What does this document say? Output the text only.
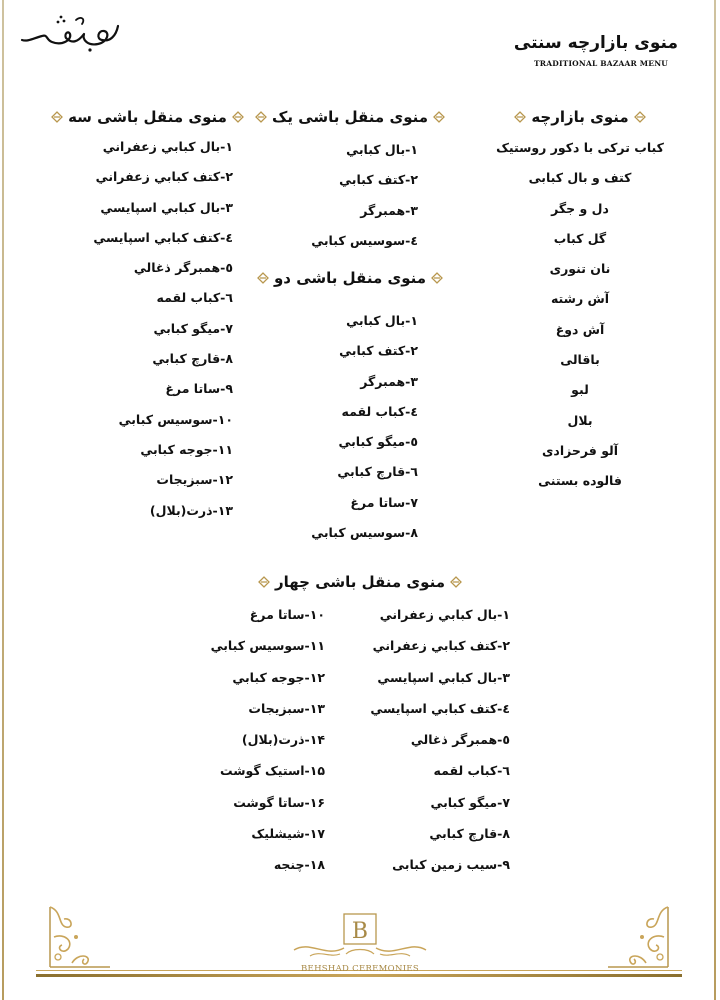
منوی بازارچه سنتی
TRADITIONAL BAZAAR MENU
منوی بازارچه
کباب ترکی با دکور روستیک
کتف و بال کبابی
دل و جگر
گل کباب
نان تنوری
آش رشته
آش دوغ
باقالی
لبو
بلال
آلو فرحزادی
فالوده بستنی
منوی منقل باشی یک
۱-بال کبابي
۲-کتف کبابي
۳-همبرگر
٤-سوسیس کبابي
منوی منقل باشی دو
۱-بال کبابي
۲-کتف کبابي
۳-همبرگر
٤-کباب لقمه
٥-میگو کبابي
٦-قارچ کبابي
۷-ساتا مرغ
۸-سوسیس کبابي
منوی منقل باشی سه
۱-بال کبابي زعفراني
۲-کتف کبابي زعفراني
۳-بال کبابي اسپایسي
٤-کتف کبابي اسپایسي
٥-همبرگر ذغالي
٦-کباب لقمه
۷-میگو کبابي
۸-قارچ کبابي
۹-ساتا مرغ
۱۰-سوسیس کبابي
۱۱-جوجه کبابي
۱۲-سبزیجات
۱۳-ذرت(بلال)
منوی منقل باشی چهار
۱-بال کبابي زعفراني
۲-کتف کبابي زعفراني
۳-بال کبابي اسپایسي
٤-کتف کبابي اسپایسي
٥-همبرگر ذغالي
٦-کباب لقمه
۷-میگو کبابي
۸-قارچ کبابي
۹-سیب زمین کبابی
۱۰-ساتا مرغ
۱۱-سوسیس کبابي
۱۲-جوجه کبابي
۱۳-سبزیجات
۱۴-ذرت(بلال)
۱۵-استیک گوشت
۱۶-ساتا گوشت
۱۷-شیشلیک
۱۸-چنجه
B
BEHSHAD CEREMONIES
